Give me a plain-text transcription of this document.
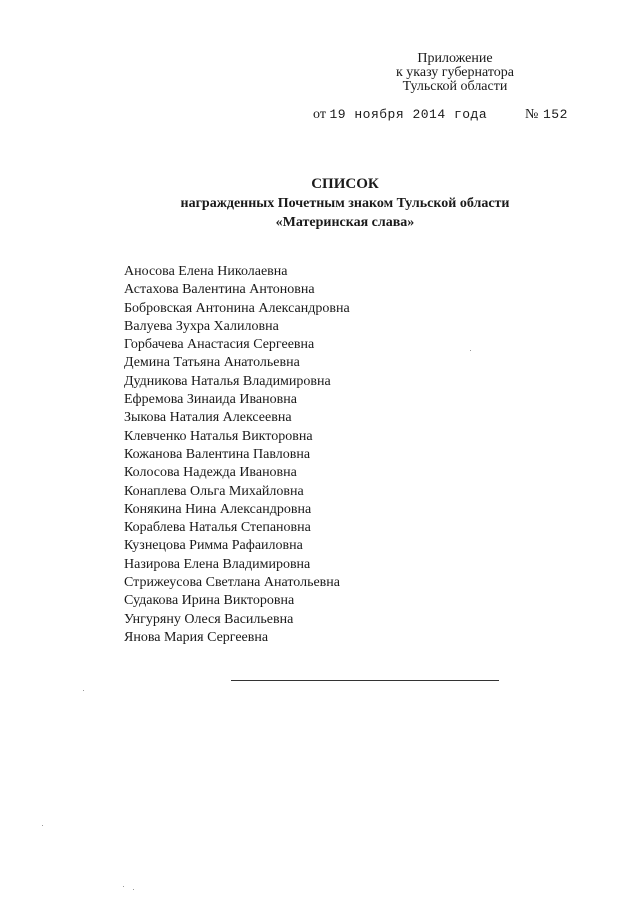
Приложение
к указу губернатора
Тульской области
от 19 ноября 2014 года	№ 152
СПИСОК
награжденных Почетным знаком Тульской области
«Материнская слава»
Аносова Елена Николаевна
Астахова Валентина Антоновна
Бобровская Антонина Александровна
Валуева Зухра Халиловна
Горбачева Анастасия Сергеевна
Демина Татьяна Анатольевна
Дудникова Наталья Владимировна
Ефремова Зинаида Ивановна
Зыкова Наталия Алексеевна
Клевченко Наталья Викторовна
Кожанова Валентина Павловна
Колосова Надежда Ивановна
Конаплева Ольга Михайловна
Конякина Нина Александровна
Кораблева Наталья Степановна
Кузнецова Римма Рафаиловна
Назирова Елена Владимировна
Стрижеусова Светлана Анатольевна
Судакова Ирина Викторовна
Унгуряну Олеся Васильевна
Янова Мария Сергеевна
